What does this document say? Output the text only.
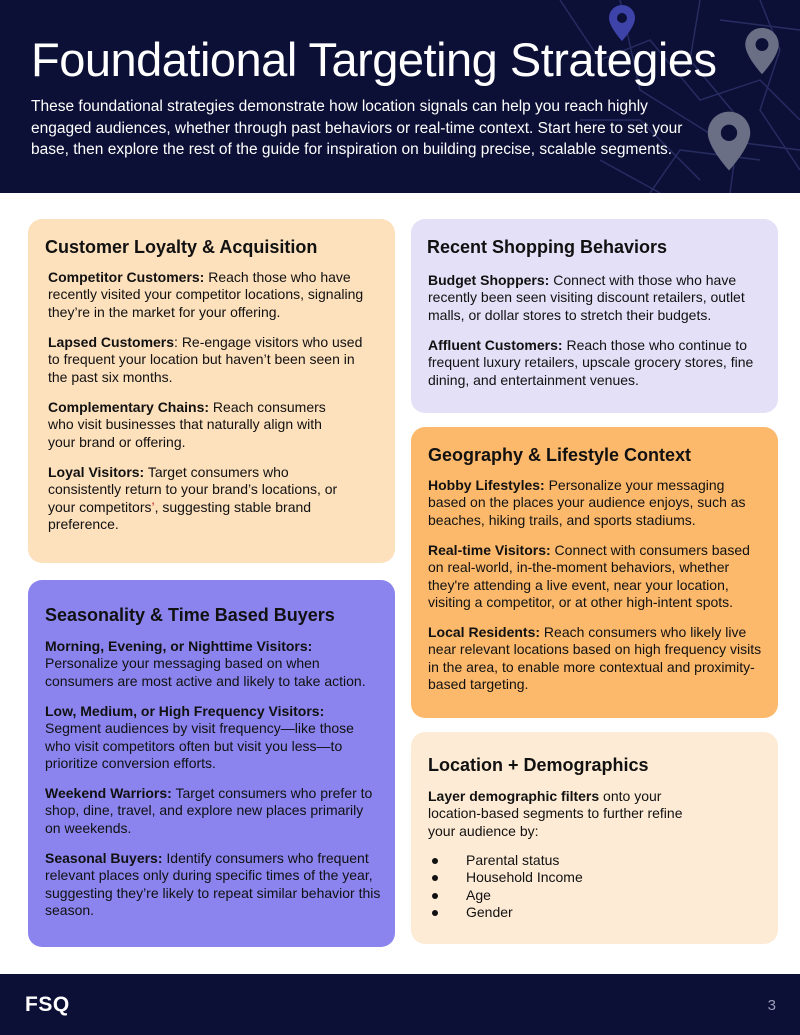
Foundational Targeting Strategies
These foundational strategies demonstrate how location signals can help you reach highly engaged audiences, whether through past behaviors or real-time context. Start here to set your base, then explore the rest of the guide for inspiration on building precise, scalable segments.
Customer Loyalty & Acquisition
Competitor Customers: Reach those who have recently visited your competitor locations, signaling they’re in the market for your offering.
Lapsed Customers: Re-engage visitors who used to frequent your location but haven’t been seen in the past six months.
Complementary Chains: Reach consumers who visit businesses that naturally align with your brand or offering.
Loyal Visitors: Target consumers who consistently return to your brand’s locations, or your competitors’, suggesting stable brand preference.
Seasonality & Time Based Buyers
Morning, Evening, or Nighttime Visitors:
Personalize your messaging based on when consumers are most active and likely to take action.
Low, Medium, or High Frequency Visitors:
Segment audiences by visit frequency—like those who visit competitors often but visit you less—to prioritize conversion efforts.
Weekend Warriors: Target consumers who prefer to shop, dine, travel, and explore new places primarily on weekends.
Seasonal Buyers: Identify consumers who frequent relevant places only during specific times of the year, suggesting they’re likely to repeat similar behavior this season.
Recent Shopping Behaviors
Budget Shoppers: Connect with those who have recently been seen visiting discount retailers, outlet malls, or dollar stores to stretch their budgets.
Affluent Customers: Reach those who continue to frequent luxury retailers, upscale grocery stores, fine dining, and entertainment venues.
Geography & Lifestyle Context
Hobby Lifestyles: Personalize your messaging based on the places your audience enjoys, such as beaches, hiking trails, and sports stadiums.
Real-time Visitors: Connect with consumers based on real-world, in-the-moment behaviors, whether they're attending a live event, near your location, visiting a competitor, or at other high-intent spots.
Local Residents: Reach consumers who likely live near relevant locations based on high frequency visits in the area, to enable more contextual and proximity-based targeting.
Location + Demographics
Layer demographic filters onto your location-based segments to further refine your audience by:
Parental status
Household Income
Age
Gender
FSQ	3
